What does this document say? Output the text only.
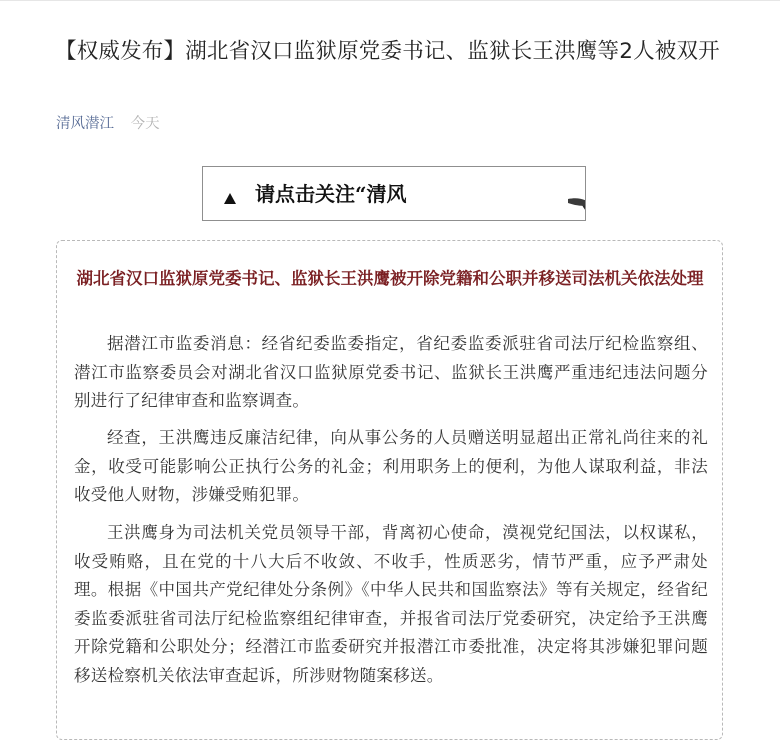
【权威发布】湖北省汉口监狱原党委书记、监狱长王洪鹰等2人被双开
清风潜江 今天
请点击关注“清风

湖北省汉口监狱原党委书记、监狱长王洪鹰被开除党籍和公职并移送司法机关依法处理

据潜江市监委消息：经省纪委监委指定，省纪委监委派驻省司法厅纪检监察组、潜江市监察委员会对湖北省汉口监狱原党委书记、监狱长王洪鹰严重违纪违法问题分别进行了纪律审查和监察调查。

经查，王洪鹰违反廉洁纪律，向从事公务的人员赠送明显超出正常礼尚往来的礼金，收受可能影响公正执行公务的礼金；利用职务上的便利，为他人谋取利益，非法收受他人财物，涉嫌受贿犯罪。

王洪鹰身为司法机关党员领导干部，背离初心使命，漠视党纪国法，以权谋私，收受贿赂，且在党的十八大后不收敛、不收手，性质恶劣，情节严重，应予严肃处理。根据《中国共产党纪律处分条例》《中华人民共和国监察法》等有关规定，经省纪委监委派驻省司法厅纪检监察组纪律审查，并报省司法厅党委研究，决定给予王洪鹰开除党籍和公职处分；经潜江市监委研究并报潜江市委批准，决定将其涉嫌犯罪问题移送检察机关依法审查起诉，所涉财物随案移送。
